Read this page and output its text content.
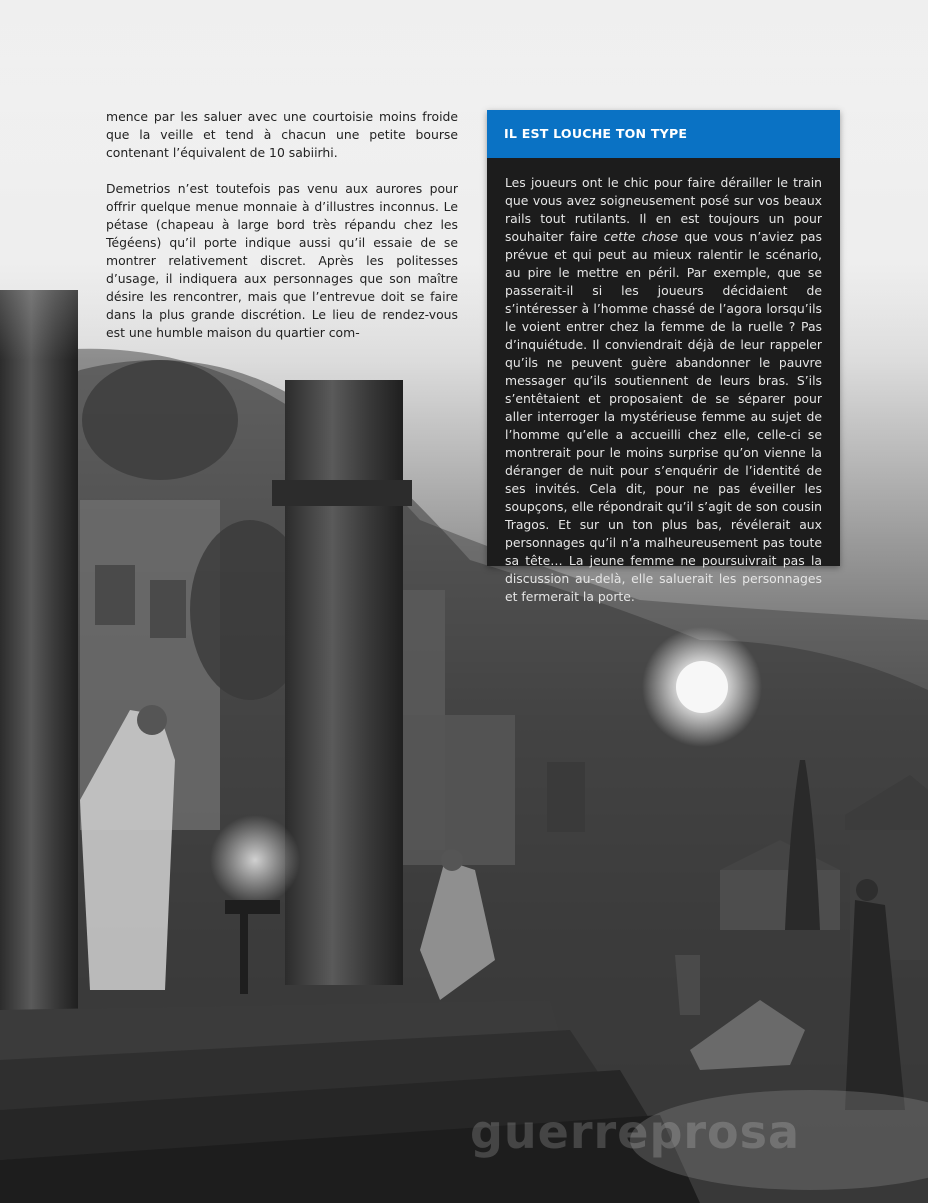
mence par les saluer avec une courtoisie moins froide que la veille et tend à chacun une petite bourse contenant l’équivalent de 10 sabiirhi.

Demetrios n’est toutefois pas venu aux aurores pour offrir quelque menue monnaie à d’illustres inconnus. Le pétase (chapeau à large bord très répandu chez les Tégéens) qu’il porte indique aussi qu’il essaie de se montrer relativement discret. Après les politesses d’usage, il indiquera aux personnages que son maître désire les rencontrer, mais que l’entrevue doit se faire dans la plus grande discrétion. Le lieu de rendez-vous est une humble maison du quartier com-

IL EST LOUCHE TON TYPE
Les joueurs ont le chic pour faire dérailler le train que vous avez soigneusement posé sur vos beaux rails tout rutilants. Il en est toujours un pour souhaiter faire cette chose que vous n’aviez pas prévue et qui peut au mieux ralentir le scénario, au pire le mettre en péril. Par exemple, que se passerait-il si les joueurs décidaient de s’intéresser à l’homme chassé de l’agora lorsqu’ils le voient entrer chez la femme de la ruelle ? Pas d’inquiétude. Il conviendrait déjà de leur rappeler qu’ils ne peuvent guère abandonner le pauvre messager qu’ils soutiennent de leurs bras. S’ils s’entêtaient et proposaient de se séparer pour aller interroger la mystérieuse femme au sujet de l’homme qu’elle a accueilli chez elle, celle-ci se montrerait pour le moins surprise qu’on vienne la déranger de nuit pour s’enquérir de l’identité de ses invités. Cela dit, pour ne pas éveiller les soupçons, elle répondrait qu’il s’agit de son cousin Tragos. Et sur un ton plus bas, révélerait aux personnages qu’il n’a malheureusement pas toute sa tête… La jeune femme ne poursuivrait pas la discussion au-delà, elle saluerait les personnages et fermerait la porte.
guerreprosa
